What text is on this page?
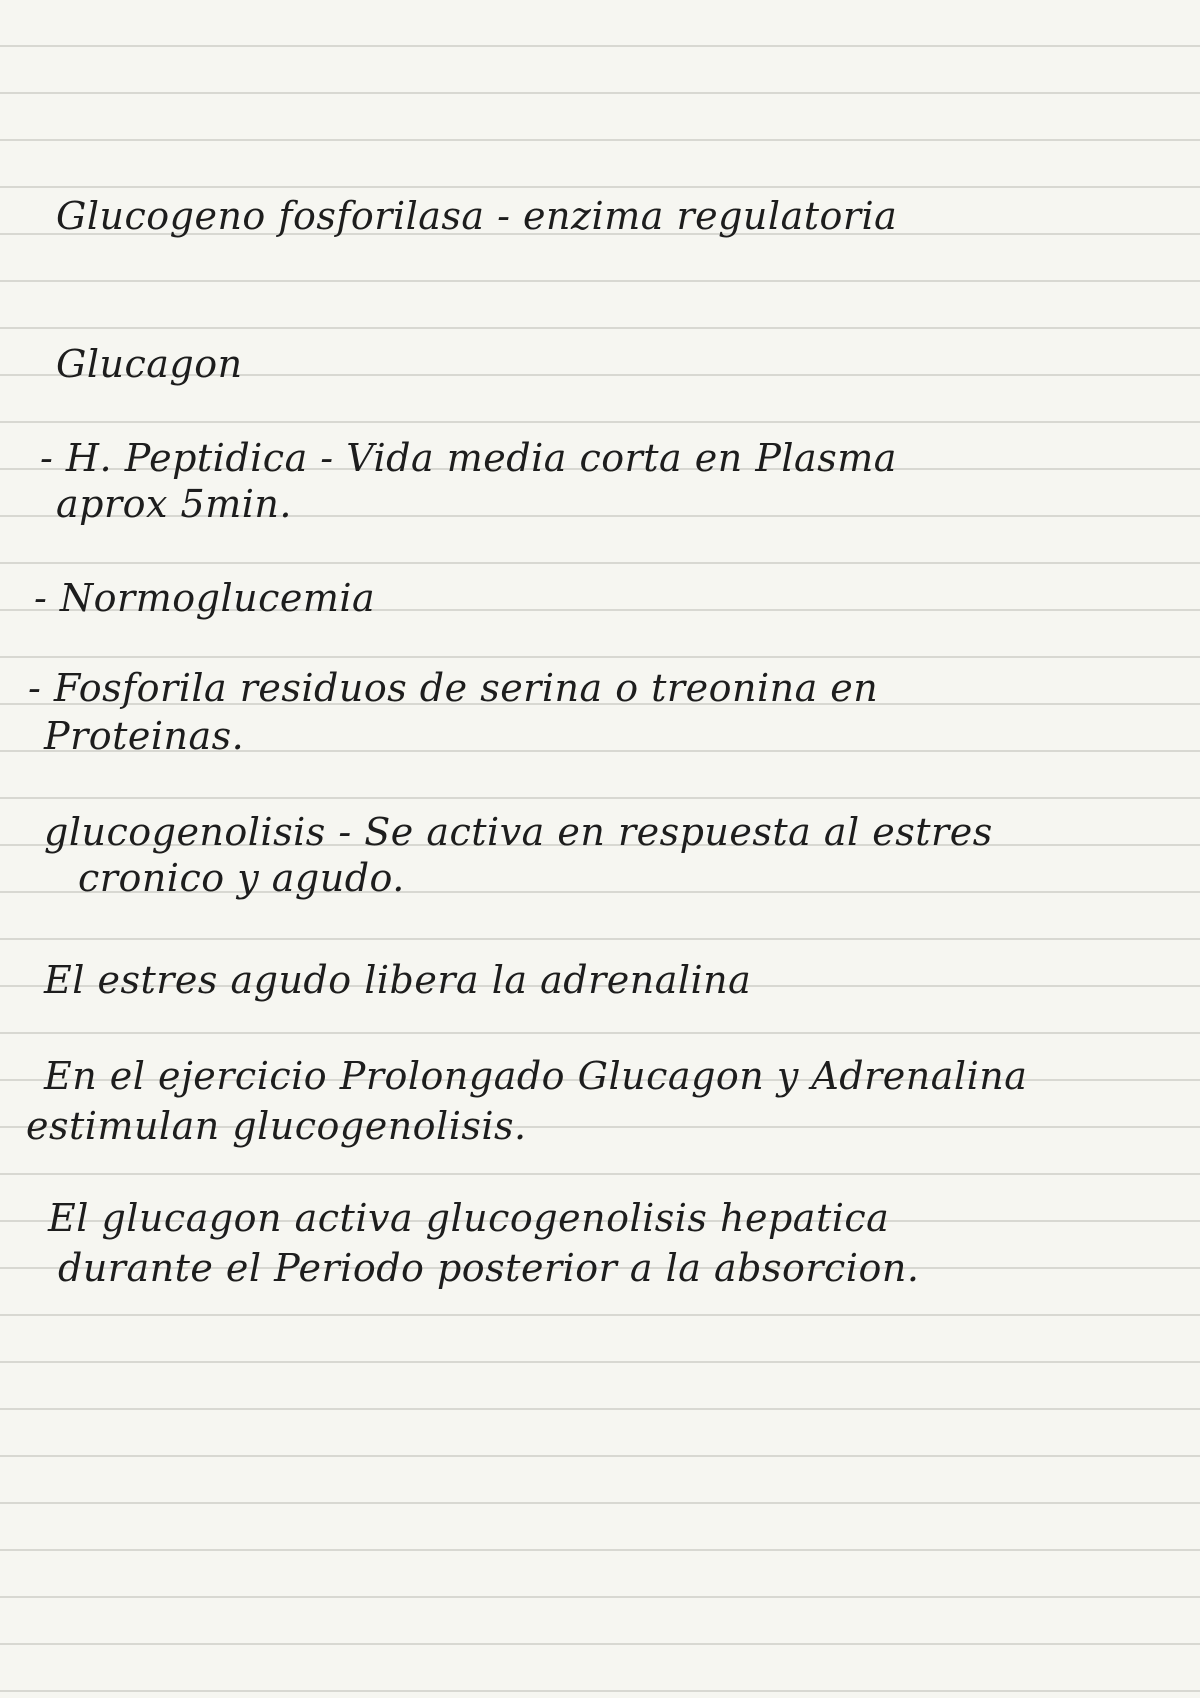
Glucogeno fosforilasa - enzima regulatoria

Glucagon

- H. Peptidica - Vida media corta en Plasma

aprox 5min.

- Normoglucemia

- Fosforila residuos de serina o treonina en

Proteinas.

glucogenolisis - Se activa en respuesta al estres

cronico y agudo.

El estres agudo libera la adrenalina

En el ejercicio Prolongado Glucagon y Adrenalina

estimulan glucogenolisis.

El glucagon activa glucogenolisis hepatica

durante el Periodo posterior a la absorcion.
